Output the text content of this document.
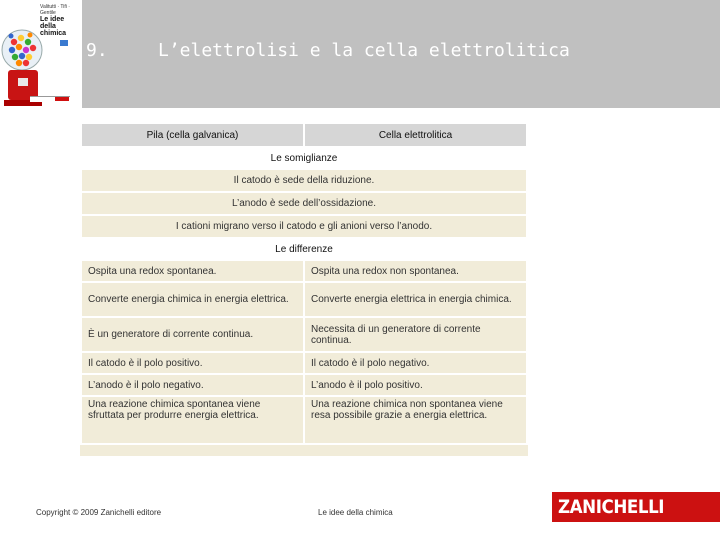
Valitutti · Tifi · Gentile
Le idee della
chimica
9.	L’elettrolisi e la cella elettrolitica
Pila (cella galvanica)	Cella elettrolitica
Le somiglianze	
Il catodo è sede della riduzione.	
L’anodo è sede dell’ossidazione.	
I cationi migrano verso il catodo e gli anioni verso l’anodo.	
Le differenze	
Ospita una redox spontanea.	Ospita una redox non spontanea.
Converte energia chimica in energia elettrica.	Converte energia elettrica in energia chimica.
È un generatore di corrente continua.	Necessita di un generatore di corrente continua.
Il catodo è il polo positivo.	Il catodo è il polo negativo.
L’anodo è il polo negativo.	L’anodo è il polo positivo.
Una reazione chimica spontanea viene sfruttata per produrre energia elettrica.	Una reazione chimica non spontanea viene resa possibile grazie a energia elettrica.
Copyright © 2009 Zanichelli editore	Le idee della chimica	ZANICHELLI
